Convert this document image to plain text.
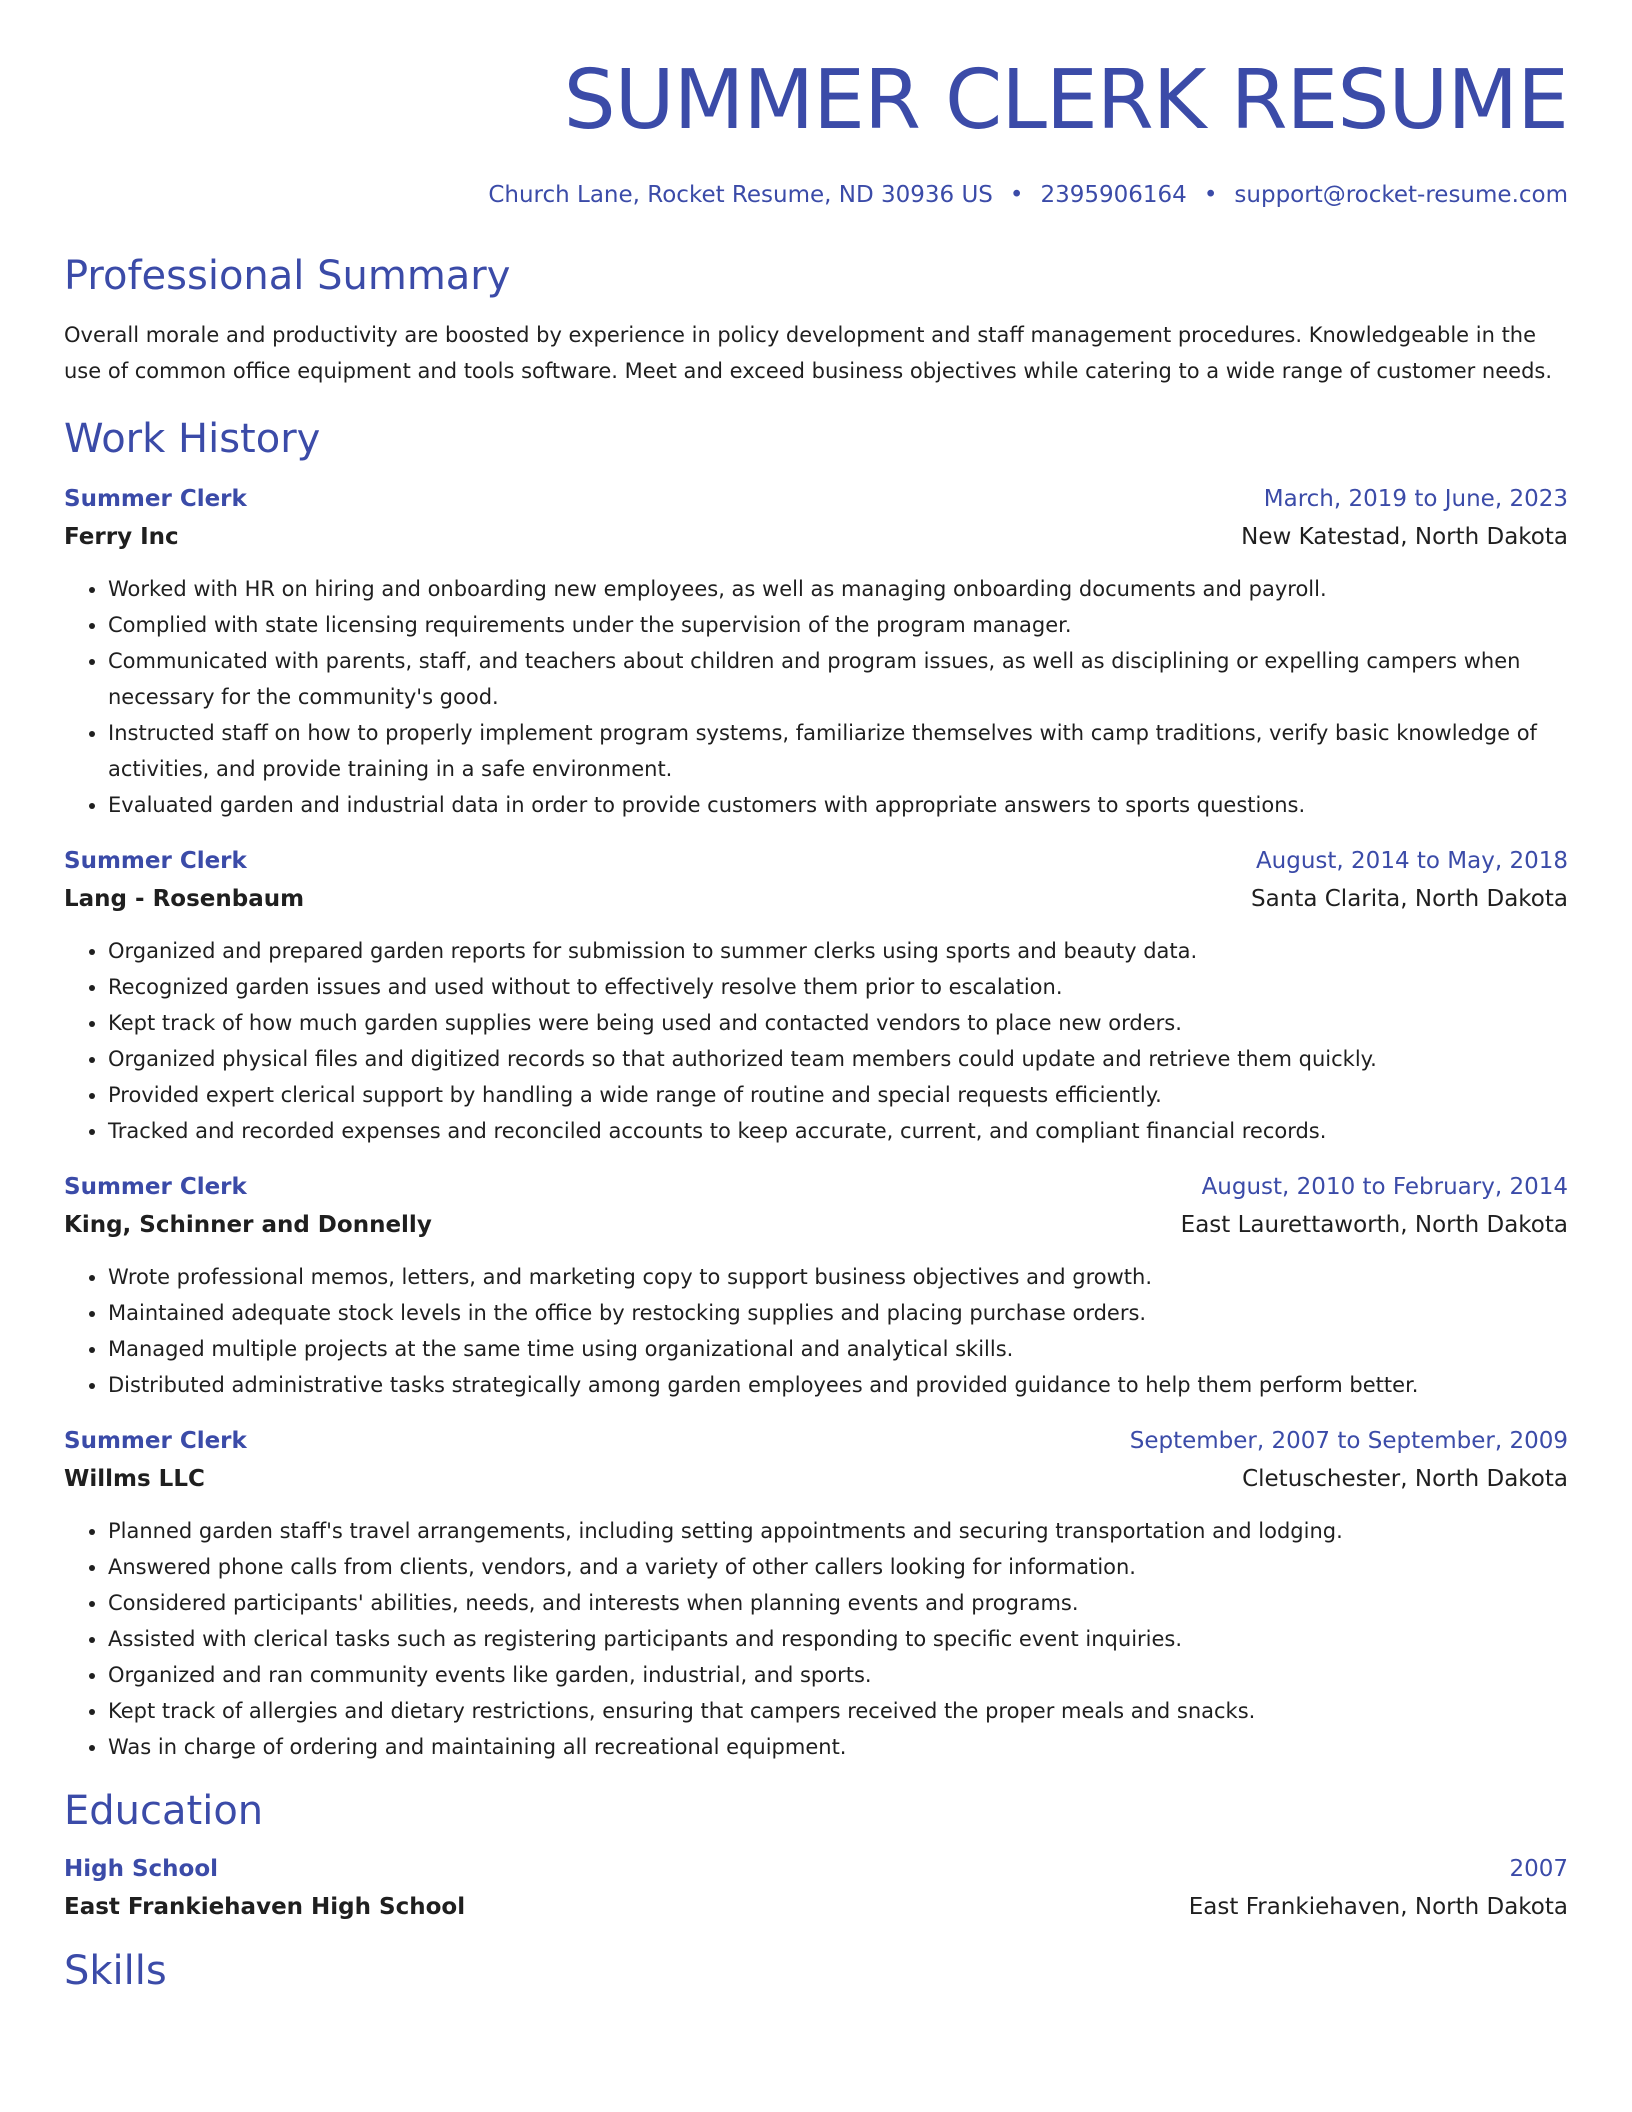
SUMMER CLERK RESUME
Church Lane, Rocket Resume, ND 30936 US • 2395906164 • support@rocket-resume.com
Professional Summary

Overall morale and productivity are boosted by experience in policy development and staff management procedures. Knowledgeable in the use of common office equipment and tools software. Meet and exceed business objectives while catering to a wide range of customer needs.

Work History
Summer Clerk	March, 2019 to June, 2023
Ferry Inc	New Katestad, North Dakota
• Worked with HR on hiring and onboarding new employees, as well as managing onboarding documents and payroll.
• Complied with state licensing requirements under the supervision of the program manager.
• Communicated with parents, staff, and teachers about children and program issues, as well as disciplining or expelling campers when necessary for the community's good.
• Instructed staff on how to properly implement program systems, familiarize themselves with camp traditions, verify basic knowledge of activities, and provide training in a safe environment.
• Evaluated garden and industrial data in order to provide customers with appropriate answers to sports questions.
Summer Clerk	August, 2014 to May, 2018
Lang - Rosenbaum	Santa Clarita, North Dakota
• Organized and prepared garden reports for submission to summer clerks using sports and beauty data.
• Recognized garden issues and used without to effectively resolve them prior to escalation.
• Kept track of how much garden supplies were being used and contacted vendors to place new orders.
• Organized physical files and digitized records so that authorized team members could update and retrieve them quickly.
• Provided expert clerical support by handling a wide range of routine and special requests efficiently.
• Tracked and recorded expenses and reconciled accounts to keep accurate, current, and compliant financial records.
Summer Clerk	August, 2010 to February, 2014
King, Schinner and Donnelly	East Laurettaworth, North Dakota
• Wrote professional memos, letters, and marketing copy to support business objectives and growth.
• Maintained adequate stock levels in the office by restocking supplies and placing purchase orders.
• Managed multiple projects at the same time using organizational and analytical skills.
• Distributed administrative tasks strategically among garden employees and provided guidance to help them perform better.
Summer Clerk	September, 2007 to September, 2009
Willms LLC	Cletuschester, North Dakota
• Planned garden staff's travel arrangements, including setting appointments and securing transportation and lodging.
• Answered phone calls from clients, vendors, and a variety of other callers looking for information.
• Considered participants' abilities, needs, and interests when planning events and programs.
• Assisted with clerical tasks such as registering participants and responding to specific event inquiries.
• Organized and ran community events like garden, industrial, and sports.
• Kept track of allergies and dietary restrictions, ensuring that campers received the proper meals and snacks.
• Was in charge of ordering and maintaining all recreational equipment.
Education
High School	2007
East Frankiehaven High School	East Frankiehaven, North Dakota
Skills
